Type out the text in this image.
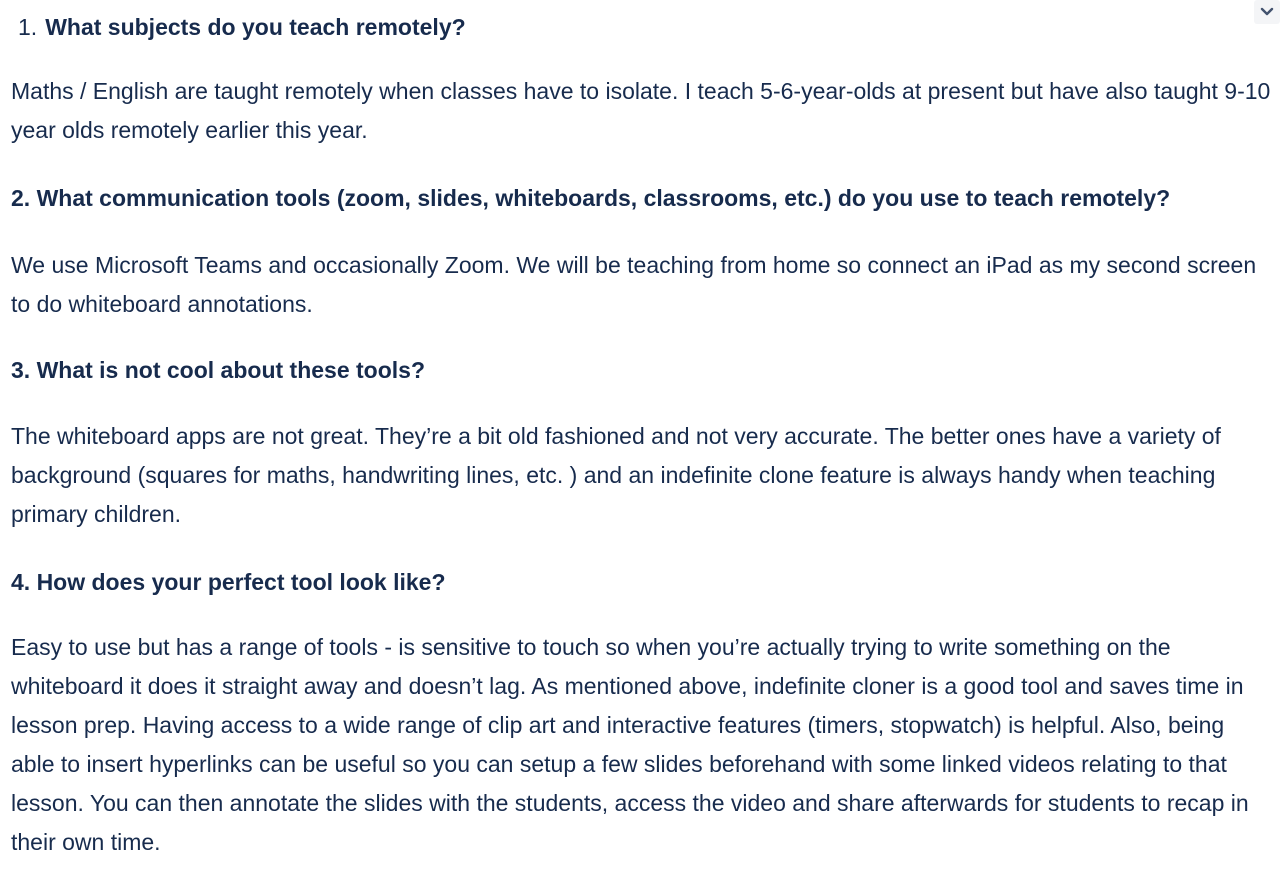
1. What subjects do you teach remotely?

Maths / English are taught remotely when classes have to isolate. I teach 5-6-year-olds at present but have also taught 9-10 year olds remotely earlier this year.

2. What communication tools (zoom, slides, whiteboards, classrooms, etc.) do you use to teach remotely?

We use Microsoft Teams and occasionally Zoom. We will be teaching from home so connect an iPad as my second screen to do whiteboard annotations.

3. What is not cool about these tools?

The whiteboard apps are not great. They’re a bit old fashioned and not very accurate. The better ones have a variety of background (squares for maths, handwriting lines, etc. ) and an indefinite clone feature is always handy when teaching primary children.

4. How does your perfect tool look like?

Easy to use but has a range of tools - is sensitive to touch so when you’re actually trying to write something on the whiteboard it does it straight away and doesn’t lag. As mentioned above, indefinite cloner is a good tool and saves time in lesson prep. Having access to a wide range of clip art and interactive features (timers, stopwatch) is helpful. Also, being able to insert hyperlinks can be useful so you can setup a few slides beforehand with some linked videos relating to that lesson. You can then annotate the slides with the students, access the video and share afterwards for students to recap in their own time.
